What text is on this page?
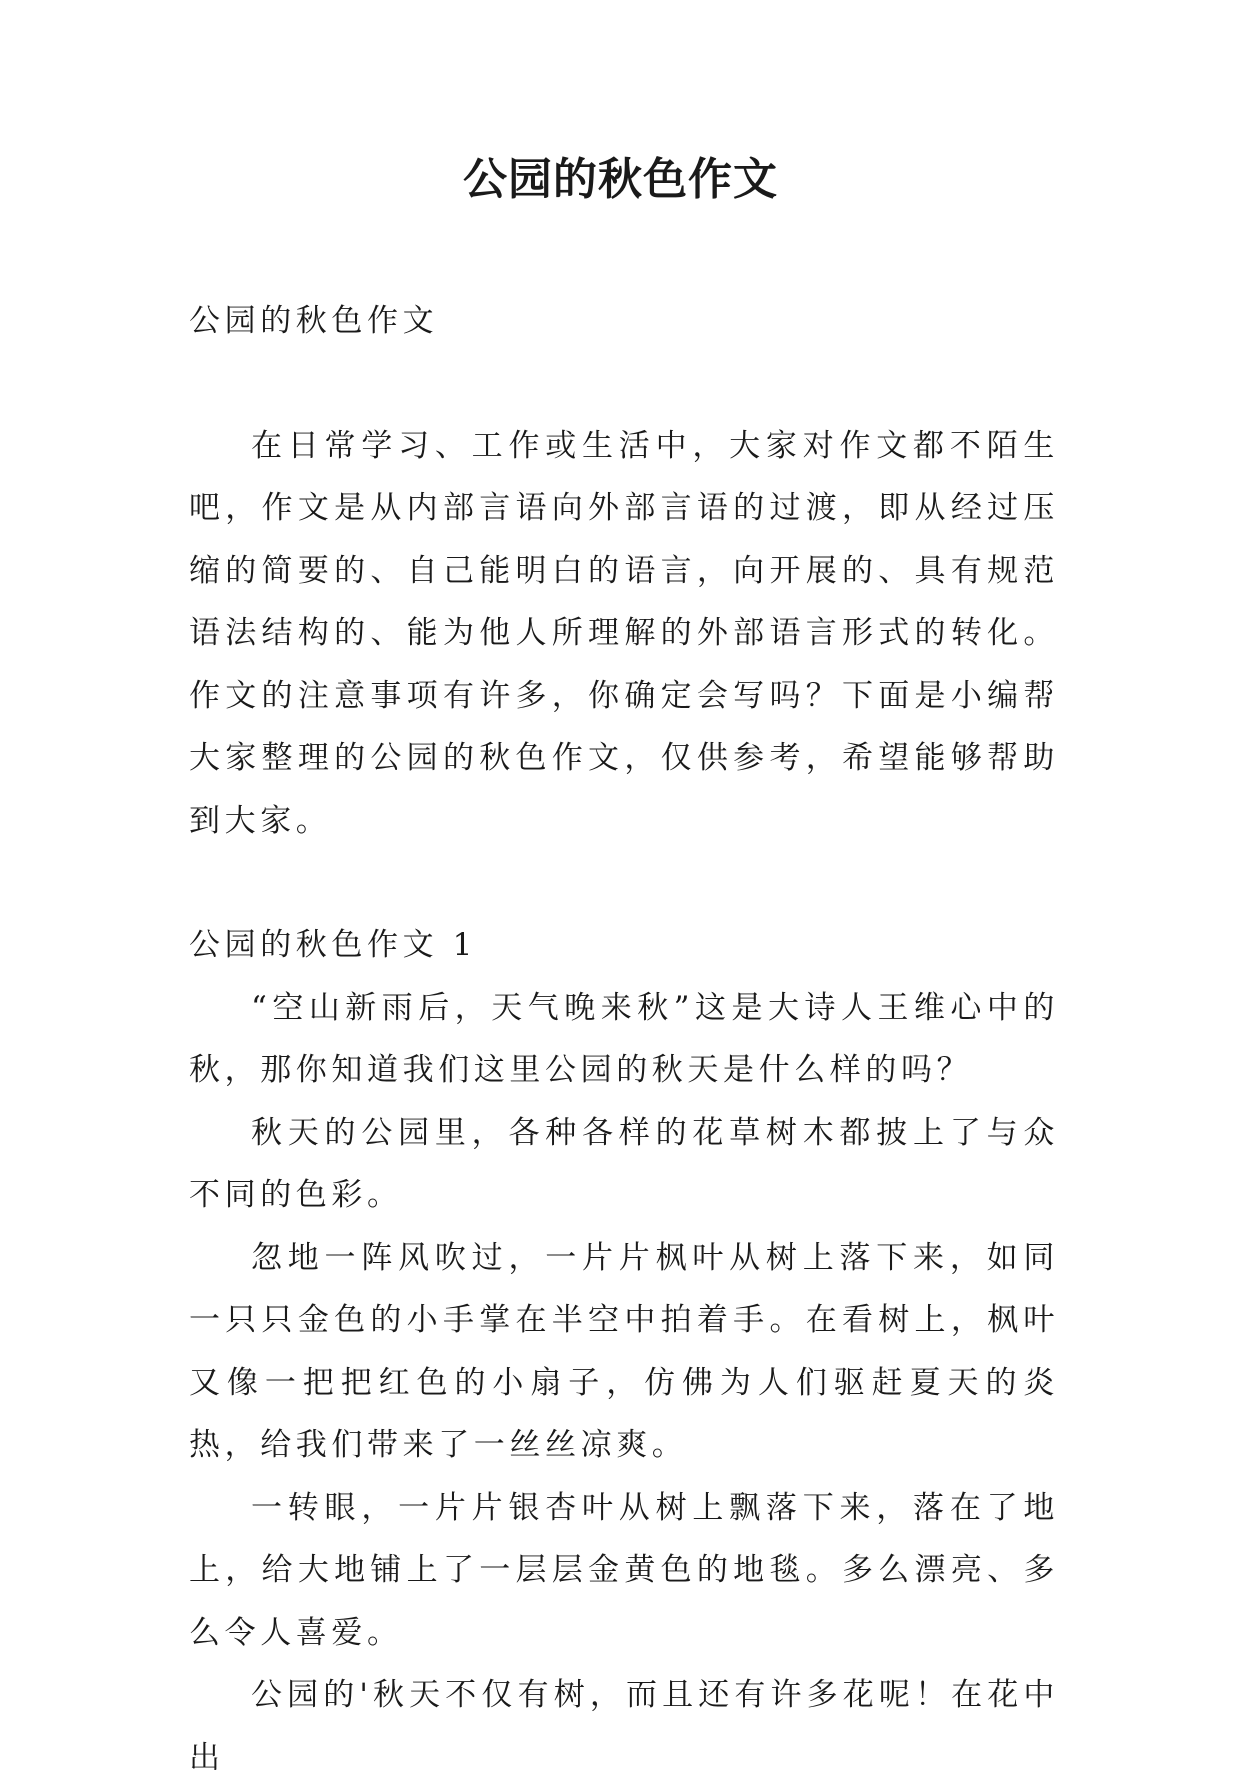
公园的秋色作文

公园的秋色作文

在日常学习、工作或生活中，大家对作文都不陌生吧，作文是从内部言语向外部言语的过渡，即从经过压缩的简要的、自己能明白的语言，向开展的、具有规范语法结构的、能为他人所理解的外部语言形式的转化。作文的注意事项有许多，你确定会写吗？下面是小编帮大家整理的公园的秋色作文，仅供参考，希望能够帮助到大家。

公园的秋色作文 1

“空山新雨后，天气晚来秋”这是大诗人王维心中的秋，那你知道我们这里公园的秋天是什么样的吗？

秋天的公园里，各种各样的花草树木都披上了与众不同的色彩。

忽地一阵风吹过，一片片枫叶从树上落下来，如同一只只金色的小手掌在半空中拍着手。在看树上，枫叶又像一把把红色的小扇子，仿佛为人们驱赶夏天的炎热，给我们带来了一丝丝凉爽。

一转眼，一片片银杏叶从树上飘落下来，落在了地上，给大地铺上了一层层金黄色的地毯。多么漂亮、多么令人喜爱。

公园的'秋天不仅有树，而且还有许多花呢！在花中出
